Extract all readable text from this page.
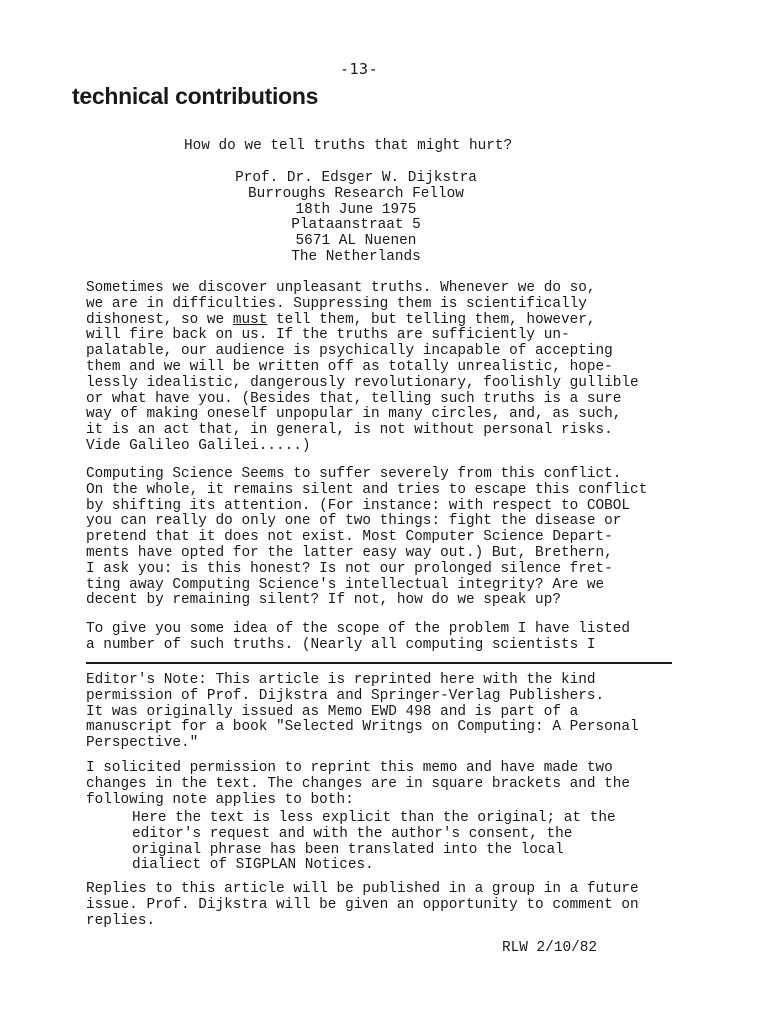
-13-
technical contributions
How do we tell truths that might hurt?
Prof. Dr. Edsger W. Dijkstra
Burroughs Research Fellow
18th June 1975
Plataanstraat 5
5671 AL Nuenen
The Netherlands
Sometimes we discover unpleasant truths. Whenever we do so,
we are in difficulties. Suppressing them is scientifically
dishonest, so we must tell them, but telling them, however,
will fire back on us. If the truths are sufficiently un-
palatable, our audience is psychically incapable of accepting
them and we will be written off as totally unrealistic, hope-
lessly idealistic, dangerously revolutionary, foolishly gullible
or what have you. (Besides that, telling such truths is a sure
way of making oneself unpopular in many circles, and, as such,
it is an act that, in general, is not without personal risks.
Vide Galileo Galilei.....)
Computing Science Seems to suffer severely from this conflict.
On the whole, it remains silent and tries to escape this conflict
by shifting its attention. (For instance: with respect to COBOL
you can really do only one of two things: fight the disease or
pretend that it does not exist. Most Computer Science Depart-
ments have opted for the latter easy way out.) But, Brethern,
I ask you: is this honest? Is not our prolonged silence fret-
ting away Computing Science's intellectual integrity? Are we
decent by remaining silent? If not, how do we speak up?
To give you some idea of the scope of the problem I have listed
a number of such truths. (Nearly all computing scientists I
Editor's Note: This article is reprinted here with the kind
permission of Prof. Dijkstra and Springer-Verlag Publishers.
It was originally issued as Memo EWD 498 and is part of a
manuscript for a book "Selected Writngs on Computing: A Personal
Perspective."
I solicited permission to reprint this memo and have made two
changes in the text. The changes are in square brackets and the
following note applies to both:
Here the text is less explicit than the original; at the
editor's request and with the author's consent, the
original phrase has been translated into the local
dialiect of SIGPLAN Notices.
Replies to this article will be published in a group in a future
issue. Prof. Dijkstra will be given an opportunity to comment on
replies.
RLW 2/10/82
